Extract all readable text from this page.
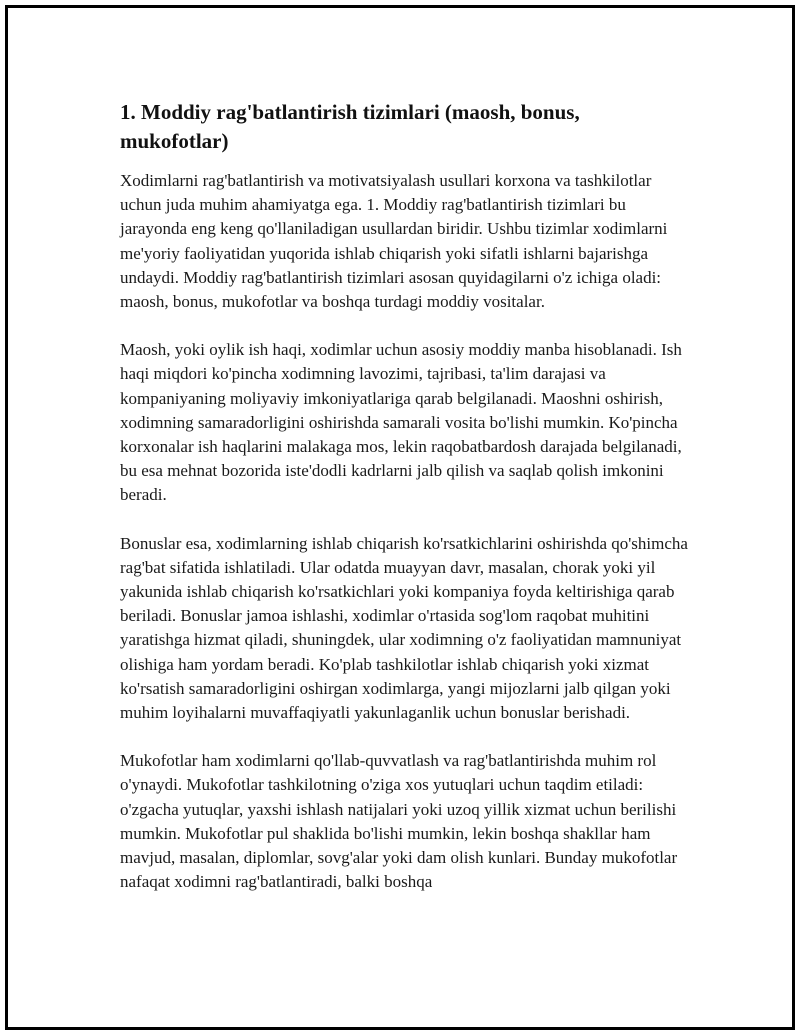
1. Moddiy rag'batlantirish tizimlari (maosh, bonus, mukofotlar)

Xodimlarni rag'batlantirish va motivatsiyalash usullari korxona va tashkilotlar uchun juda muhim ahamiyatga ega. 1. Moddiy rag'batlantirish tizimlari bu jarayonda eng keng qo'llaniladigan usullardan biridir. Ushbu tizimlar xodimlarni me'yoriy faoliyatidan yuqorida ishlab chiqarish yoki sifatli ishlarni bajarishga undaydi. Moddiy rag'batlantirish tizimlari asosan quyidagilarni o'z ichiga oladi: maosh, bonus, mukofotlar va boshqa turdagi moddiy vositalar.

Maosh, yoki oylik ish haqi, xodimlar uchun asosiy moddiy manba hisoblanadi. Ish haqi miqdori ko'pincha xodimning lavozimi, tajribasi, ta'lim darajasi va kompaniyaning moliyaviy imkoniyatlariga qarab belgilanadi. Maoshni oshirish, xodimning samaradorligini oshirishda samarali vosita bo'lishi mumkin. Ko'pincha korxonalar ish haqlarini malakaga mos, lekin raqobatbardosh darajada belgilanadi, bu esa mehnat bozorida iste'dodli kadrlarni jalb qilish va saqlab qolish imkonini beradi.

Bonuslar esa, xodimlarning ishlab chiqarish ko'rsatkichlarini oshirishda qo'shimcha rag'bat sifatida ishlatiladi. Ular odatda muayyan davr, masalan, chorak yoki yil yakunida ishlab chiqarish ko'rsatkichlari yoki kompaniya foyda keltirishiga qarab beriladi. Bonuslar jamoa ishlashi, xodimlar o'rtasida sog'lom raqobat muhitini yaratishga hizmat qiladi, shuningdek, ular xodimning o'z faoliyatidan mamnuniyat olishiga ham yordam beradi. Ko'plab tashkilotlar ishlab chiqarish yoki xizmat ko'rsatish samaradorligini oshirgan xodimlarga, yangi mijozlarni jalb qilgan yoki muhim loyihalarni muvaffaqiyatli yakunlaganlik uchun bonuslar berishadi.

Mukofotlar ham xodimlarni qo'llab-quvvatlash va rag'batlantirishda muhim rol o'ynaydi. Mukofotlar tashkilotning o'ziga xos yutuqlari uchun taqdim etiladi: o'zgacha yutuqlar, yaxshi ishlash natijalari yoki uzoq yillik xizmat uchun berilishi mumkin. Mukofotlar pul shaklida bo'lishi mumkin, lekin boshqa shakllar ham mavjud, masalan, diplomlar, sovg'alar yoki dam olish kunlari. Bunday mukofotlar nafaqat xodimni rag'batlantiradi, balki boshqa
